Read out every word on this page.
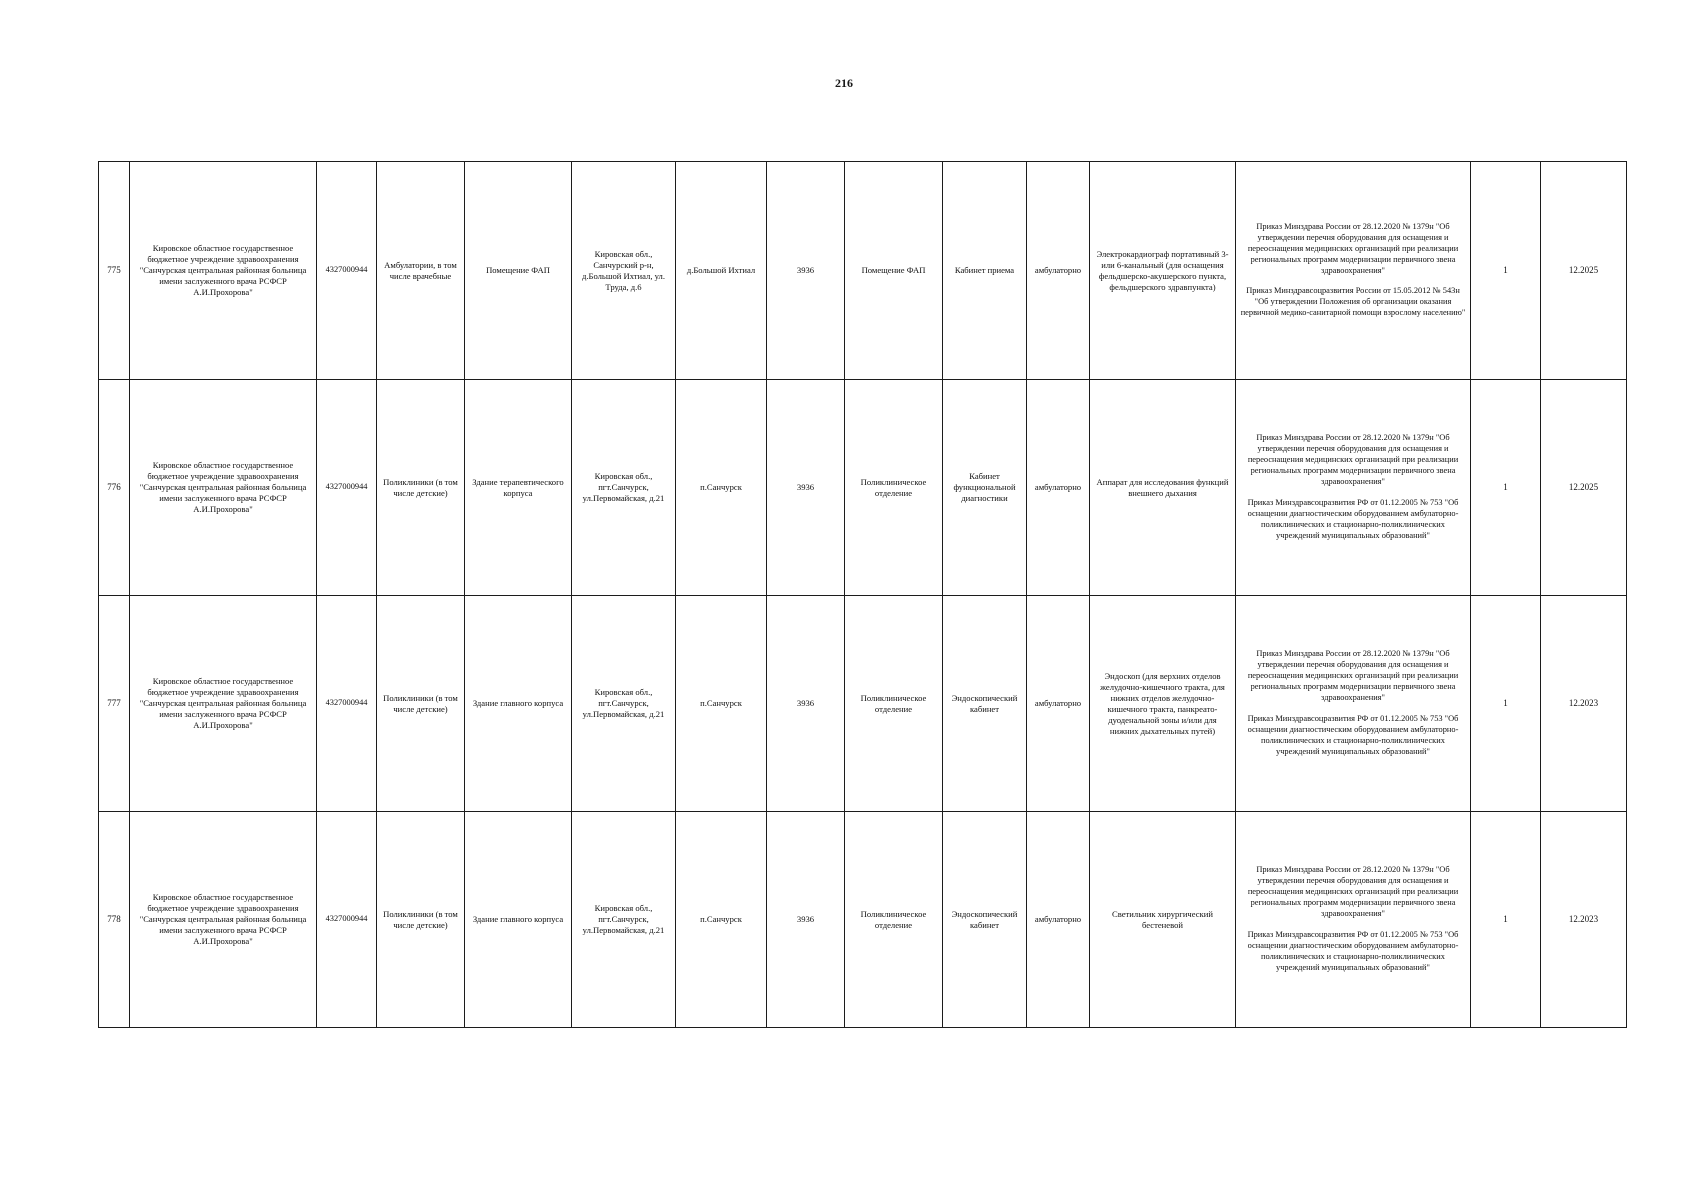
216
775	Кировское областное государственное бюджетное учреждение здравоохранения "Санчурская центральная районная больница имени заслуженного врача РСФСР А.И.Прохорова"	4327000944	Амбулатории, в том числе врачебные	Помещение ФАП	Кировская обл., Санчурский р-н, д.Большой Ихтиал, ул. Труда, д.6	д.Большой Ихтиал	3936	Помещение ФАП	Кабинет приема	амбулаторно	Электрокардиограф портативный 3- или 6-канальный (для оснащения фельдшерско-акушерского пункта, фельдшерского здравпункта)	Приказ Минздрава России от 28.12.2020 № 1379н "Об утверждении перечня оборудования для оснащения и переоснащения медицинских организаций при реализации региональных программ модернизации первичного звена здравоохранения"
Приказ Минздравсоцразвития России от 15.05.2012 № 543н "Об утверждении Положения об организации оказания первичной медико-санитарной помощи взрослому населению"	1	12.2025
776	Кировское областное государственное бюджетное учреждение здравоохранения "Санчурская центральная районная больница имени заслуженного врача РСФСР А.И.Прохорова"	4327000944	Поликлиники (в том числе детские)	Здание терапевтического корпуса	Кировская обл., пгт.Санчурск, ул.Первомайская, д.21	п.Санчурск	3936	Поликлиническое отделение	Кабинет функциональной диагностики	амбулаторно	Аппарат для исследования функций внешнего дыхания	Приказ Минздрава России от 28.12.2020 № 1379н "Об утверждении перечня оборудования для оснащения и переоснащения медицинских организаций при реализации региональных программ модернизации первичного звена здравоохранения"
Приказ Минздравсоцразвития РФ от 01.12.2005 № 753 "Об оснащении диагностическим оборудованием амбулаторно-поликлинических и стационарно-поликлинических учреждений муниципальных образований"	1	12.2025
777	Кировское областное государственное бюджетное учреждение здравоохранения "Санчурская центральная районная больница имени заслуженного врача РСФСР А.И.Прохорова"	4327000944	Поликлиники (в том числе детские)	Здание главного корпуса	Кировская обл., пгт.Санчурск, ул.Первомайская, д.21	п.Санчурск	3936	Поликлиническое отделение	Эндоскопический кабинет	амбулаторно	Эндоскоп (для верхних отделов желудочно-кишечного тракта, для нижних отделов желудочно-кишечного тракта, панкреато-дуоденальной зоны и/или для нижних дыхательных путей)	Приказ Минздрава России от 28.12.2020 № 1379н "Об утверждении перечня оборудования для оснащения и переоснащения медицинских организаций при реализации региональных программ модернизации первичного звена здравоохранения"
Приказ Минздравсоцразвития РФ от 01.12.2005 № 753 "Об оснащении диагностическим оборудованием амбулаторно-поликлинических и стационарно-поликлинических учреждений муниципальных образований"	1	12.2023
778	Кировское областное государственное бюджетное учреждение здравоохранения "Санчурская центральная районная больница имени заслуженного врача РСФСР А.И.Прохорова"	4327000944	Поликлиники (в том числе детские)	Здание главного корпуса	Кировская обл., пгт.Санчурск, ул.Первомайская, д.21	п.Санчурск	3936	Поликлиническое отделение	Эндоскопический кабинет	амбулаторно	Светильник хирургический бестеневой	Приказ Минздрава России от 28.12.2020 № 1379н "Об утверждении перечня оборудования для оснащения и переоснащения медицинских организаций при реализации региональных программ модернизации первичного звена здравоохранения"
Приказ Минздравсоцразвития РФ от 01.12.2005 № 753 "Об оснащении диагностическим оборудованием амбулаторно-поликлинических и стационарно-поликлинических учреждений муниципальных образований"	1	12.2023
